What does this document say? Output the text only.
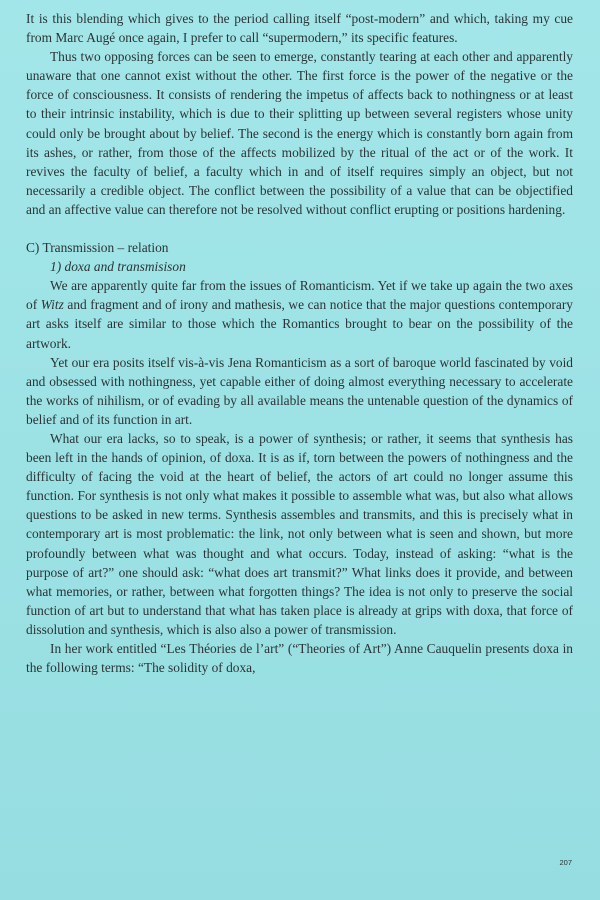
It is this blending which gives to the period calling itself “post-modern” and which, taking my cue from Marc Augé once again, I prefer to call “supermodern,” its specific features.

Thus two opposing forces can be seen to emerge, constantly tearing at each other and apparently unaware that one cannot exist without the other. The first force is the power of the negative or the force of consciousness. It consists of rendering the impetus of affects back to nothingness or at least to their intrinsic instability, which is due to their splitting up between several registers whose unity could only be brought about by belief. The second is the energy which is constantly born again from its ashes, or rather, from those of the affects mobilized by the ritual of the act or of the work. It revives the faculty of belief, a faculty which in and of itself requires simply an object, but not necessarily a credible object. The conflict between the possibility of a value that can be objectified and an affective value can therefore not be resolved without conflict erupting or positions hardening.

C) Transmission – relation

1) doxa and transmisison

We are apparently quite far from the issues of Romanticism. Yet if we take up again the two axes of Witz and fragment and of irony and mathesis, we can notice that the major questions contemporary art asks itself are similar to those which the Romantics brought to bear on the possibility of the artwork.

Yet our era posits itself vis-à-vis Jena Romanticism as a sort of baroque world fascinated by void and obsessed with nothingness, yet capable either of doing almost everything necessary to accelerate the works of nihilism, or of evading by all available means the untenable question of the dynamics of belief and of its function in art.

What our era lacks, so to speak, is a power of synthesis; or rather, it seems that synthesis has been left in the hands of opinion, of doxa. It is as if, torn between the powers of nothingness and the difficulty of facing the void at the heart of belief, the actors of art could no longer assume this function. For synthesis is not only what makes it possible to assemble what was, but also what allows questions to be asked in new terms. Synthesis assembles and transmits, and this is precisely what in contemporary art is most problematic: the link, not only between what is seen and shown, but more profoundly between what was thought and what occurs. Today, instead of asking: “what is the purpose of art?” one should ask: “what does art transmit?” What links does it provide, and between what memories, or rather, between what forgotten things? The idea is not only to preserve the social function of art but to understand that what has taken place is already at grips with doxa, that force of dissolution and synthesis, which is also also a power of transmission.

In her work entitled “Les Théories de l’art” (“Theories of Art”) Anne Cauquelin presents doxa in the following terms: “The solidity of doxa,

207
